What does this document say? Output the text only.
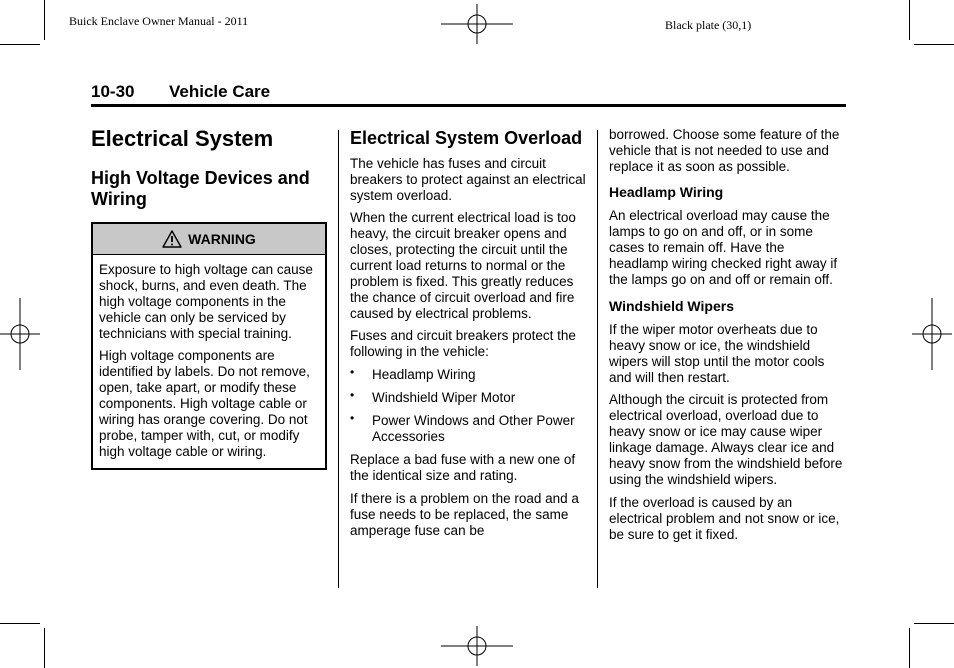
Buick Enclave Owner Manual - 2011	Black plate (30,1)
10-30 Vehicle Care
Electrical System
High Voltage Devices and Wiring
WARNING

Exposure to high voltage can cause shock, burns, and even death. The high voltage components in the vehicle can only be serviced by technicians with special training.

High voltage components are identified by labels. Do not remove, open, take apart, or modify these components. High voltage cable or wiring has orange covering. Do not probe, tamper with, cut, or modify high voltage cable or wiring.

Electrical System Overload

The vehicle has fuses and circuit breakers to protect against an electrical system overload.

When the current electrical load is too heavy, the circuit breaker opens and closes, protecting the circuit until the current load returns to normal or the problem is fixed. This greatly reduces the chance of circuit overload and fire caused by electrical problems.

Fuses and circuit breakers protect the following in the vehicle:

• Headlamp Wiring
• Windshield Wiper Motor
• Power Windows and Other Power Accessories

Replace a bad fuse with a new one of the identical size and rating.

If there is a problem on the road and a fuse needs to be replaced, the same amperage fuse can be

borrowed. Choose some feature of the vehicle that is not needed to use and replace it as soon as possible.

Headlamp Wiring

An electrical overload may cause the lamps to go on and off, or in some cases to remain off. Have the headlamp wiring checked right away if the lamps go on and off or remain off.

Windshield Wipers

If the wiper motor overheats due to heavy snow or ice, the windshield wipers will stop until the motor cools and will then restart.

Although the circuit is protected from electrical overload, overload due to heavy snow or ice may cause wiper linkage damage. Always clear ice and heavy snow from the windshield before using the windshield wipers.

If the overload is caused by an electrical problem and not snow or ice, be sure to get it fixed.
